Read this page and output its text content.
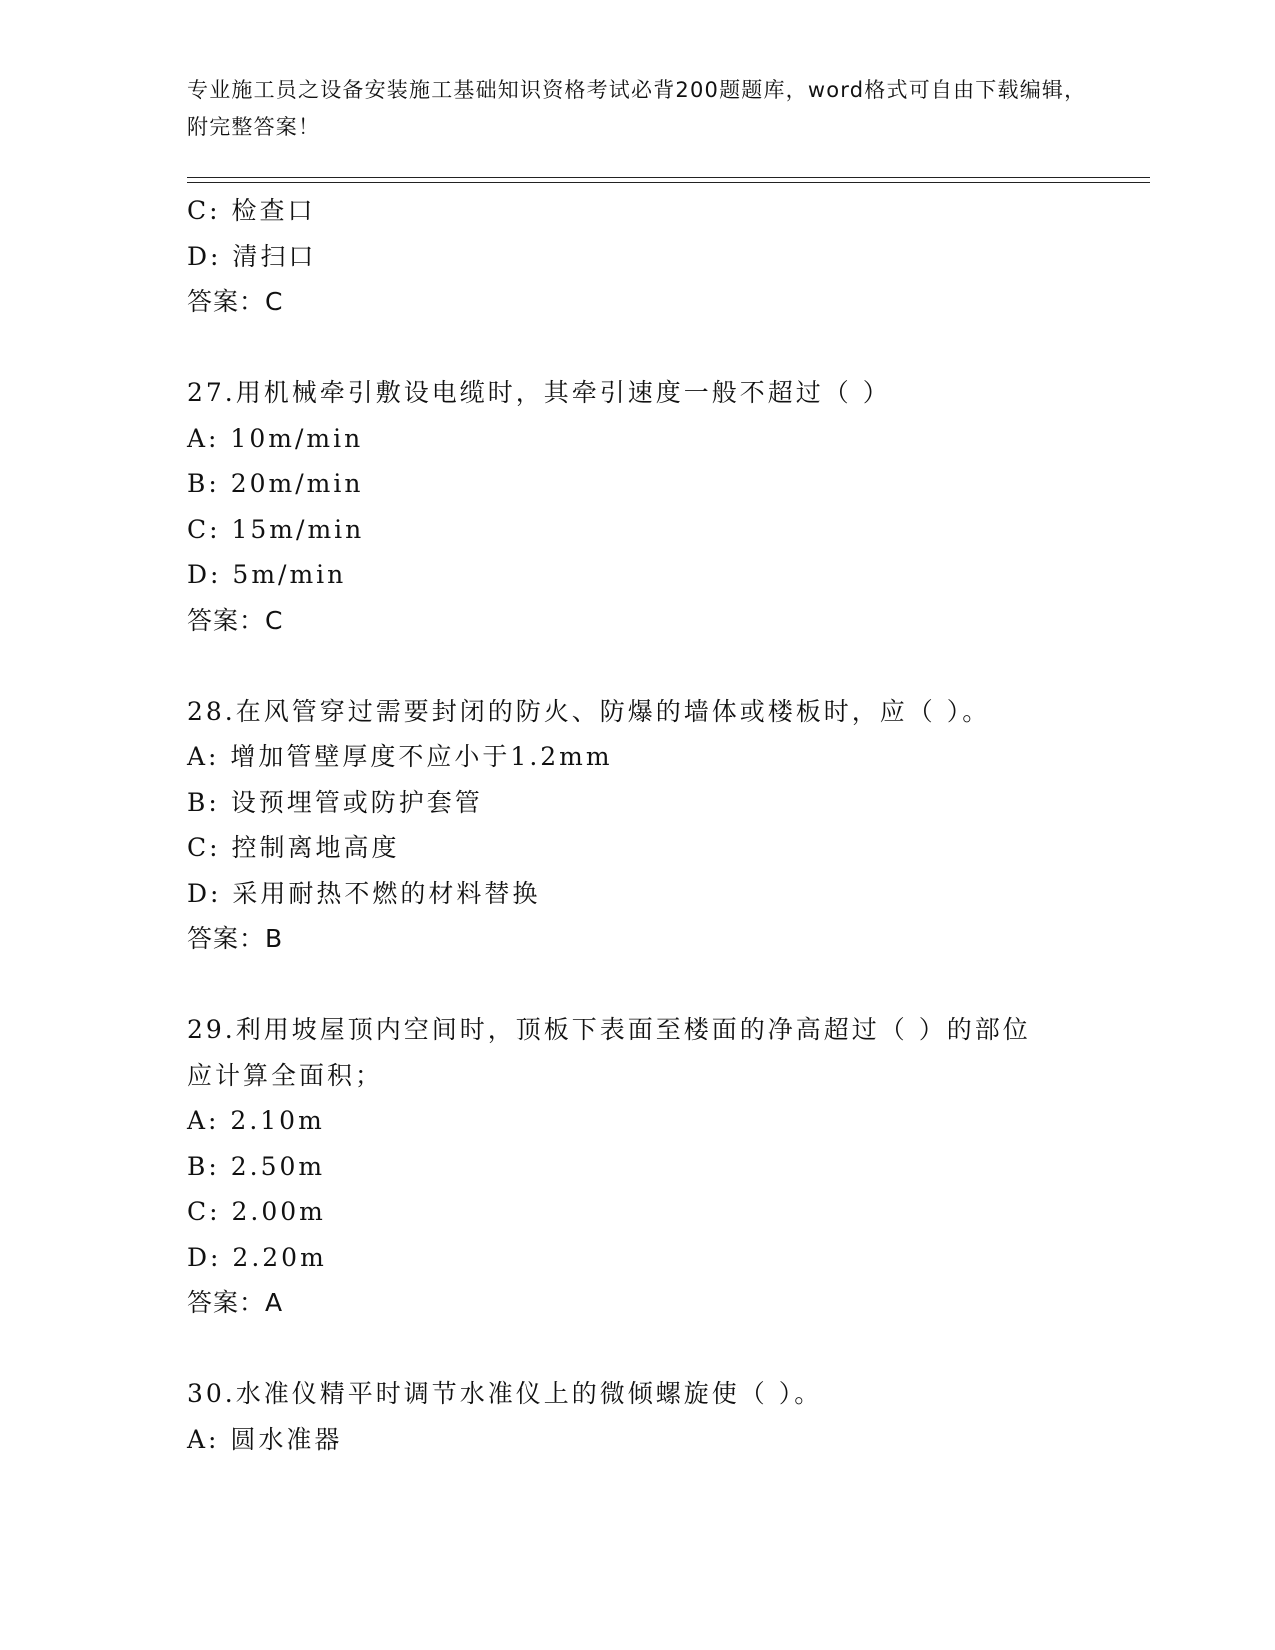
专业施工员之设备安装施工基础知识资格考试必背200题题库，word格式可自由下载编辑，附完整答案！
C: 检查口
D: 清扫口
答案：C
27.用机械牵引敷设电缆时，其牵引速度一般不超过（ ）
A: 10m/min
B: 20m/min
C: 15m/min
D: 5m/min
答案：C
28.在风管穿过需要封闭的防火、防爆的墙体或楼板时，应（ ）。
A: 增加管壁厚度不应小于1.2mm
B: 设预埋管或防护套管
C: 控制离地高度
D: 采用耐热不燃的材料替换
答案：B
29.利用坡屋顶内空间时，顶板下表面至楼面的净高超过（ ）的部位
应计算全面积；
A: 2.10m
B: 2.50m
C: 2.00m
D: 2.20m
答案：A
30.水准仪精平时调节水准仪上的微倾螺旋使（ ）。
A: 圆水准器
